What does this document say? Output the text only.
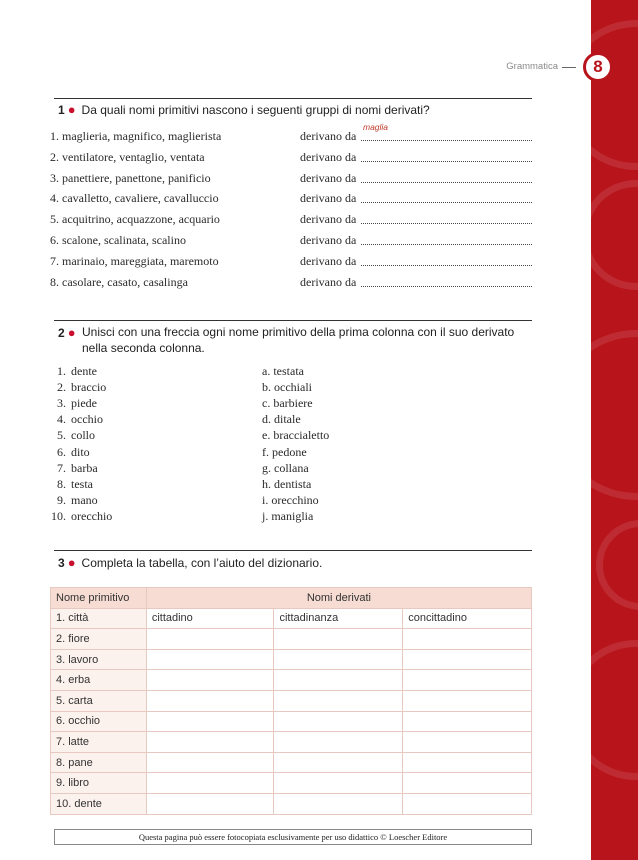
8
Grammatica
1 ● Da quali nomi primitivi nascono i seguenti gruppi di nomi derivati?
1. maglieria, magnifico, maglierista	derivano da
maglia
2. ventilatore, ventaglio, ventata	derivano da
3. panettiere, panettone, panificio	derivano da
4. cavalletto, cavaliere, cavalluccio	derivano da
5. acquitrino, acquazzone, acquario	derivano da
6. scalone, scalinata, scalino	derivano da
7. marinaio, mareggiata, maremoto	derivano da
8. casolare, casato, casalinga	derivano da
2 ● Unisci con una freccia ogni nome primitivo della prima colonna con il suo derivato
nella seconda colonna.
1. dente
2. braccio
3. piede
4. occhio
5. collo
6. dito
7. barba
8. testa
9. mano
10. orecchio
a. testata
b. occhiali
c. barbiere
d. ditale
e. braccialetto
f. pedone
g. collana
h. dentista
i. orecchino
j. maniglia
3 ● Completa la tabella, con l’aiuto del dizionario.
Nome primitivo	Nomi derivati		
1. città	cittadino	cittadinanza	concittadino
2. fiore			
3. lavoro			
4. erba			
5. carta			
6. occhio			
7. latte			
8. pane			
9. libro			
10. dente			
Questa pagina può essere fotocopiata esclusivamente per uso didattico © Loescher Editore
